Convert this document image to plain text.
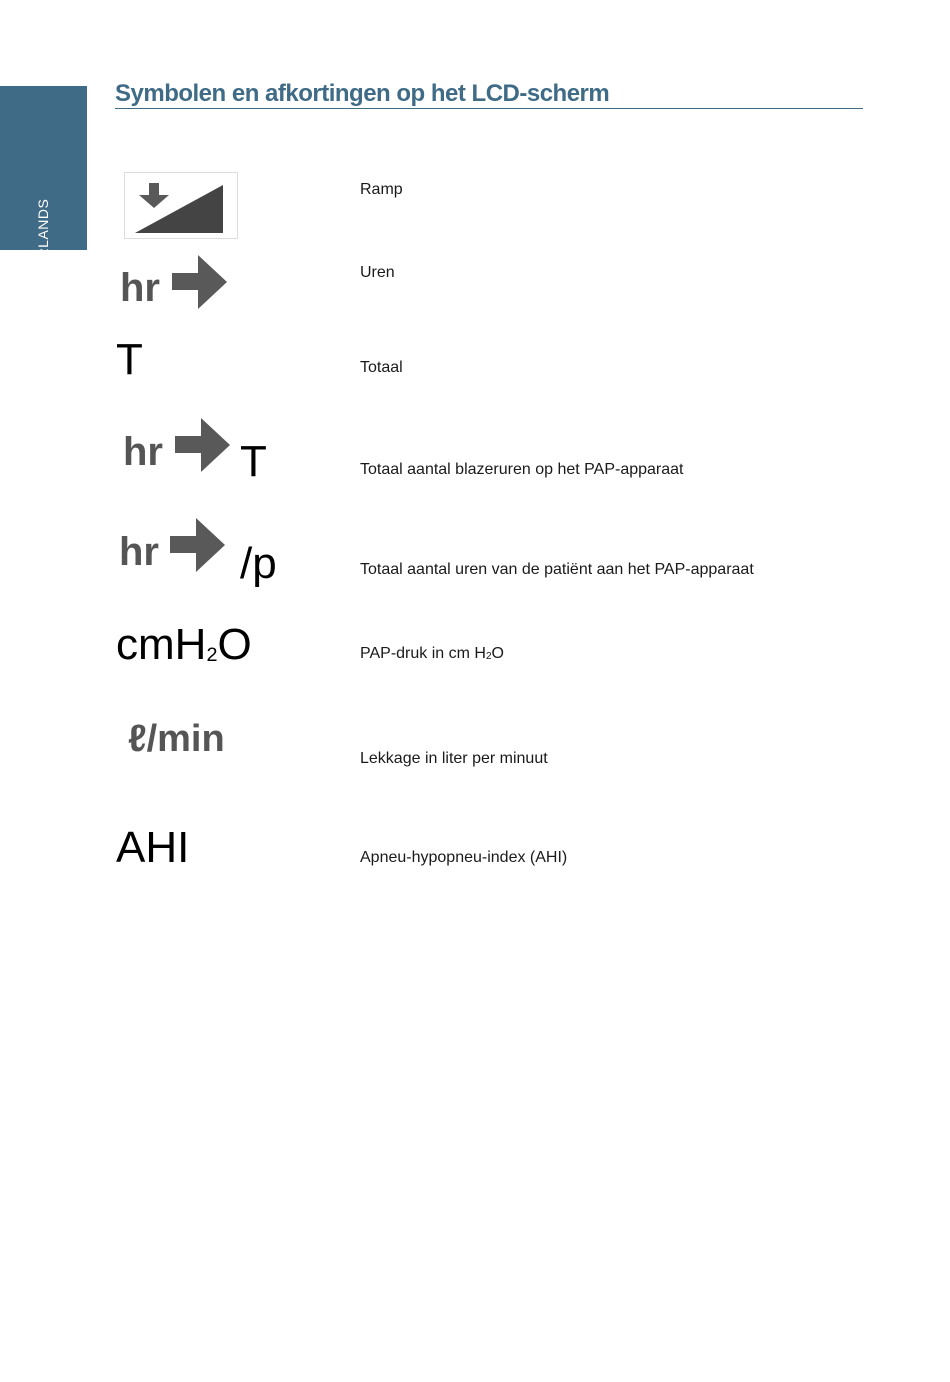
NEDERLANDS
Symbolen en afkortingen op het LCD-scherm
Ramp
hr	Uren
T	Totaal
hr T	Totaal aantal blazeruren op het PAP-apparaat
hr /p	Totaal aantal uren van de patiënt aan het PAP-apparaat
cmH$_2$O	PAP-druk in cm $H_2O$
ℓ/min	Lekkage in liter per minuut
AHI	Apneu-hypopneu-index (AHI)
